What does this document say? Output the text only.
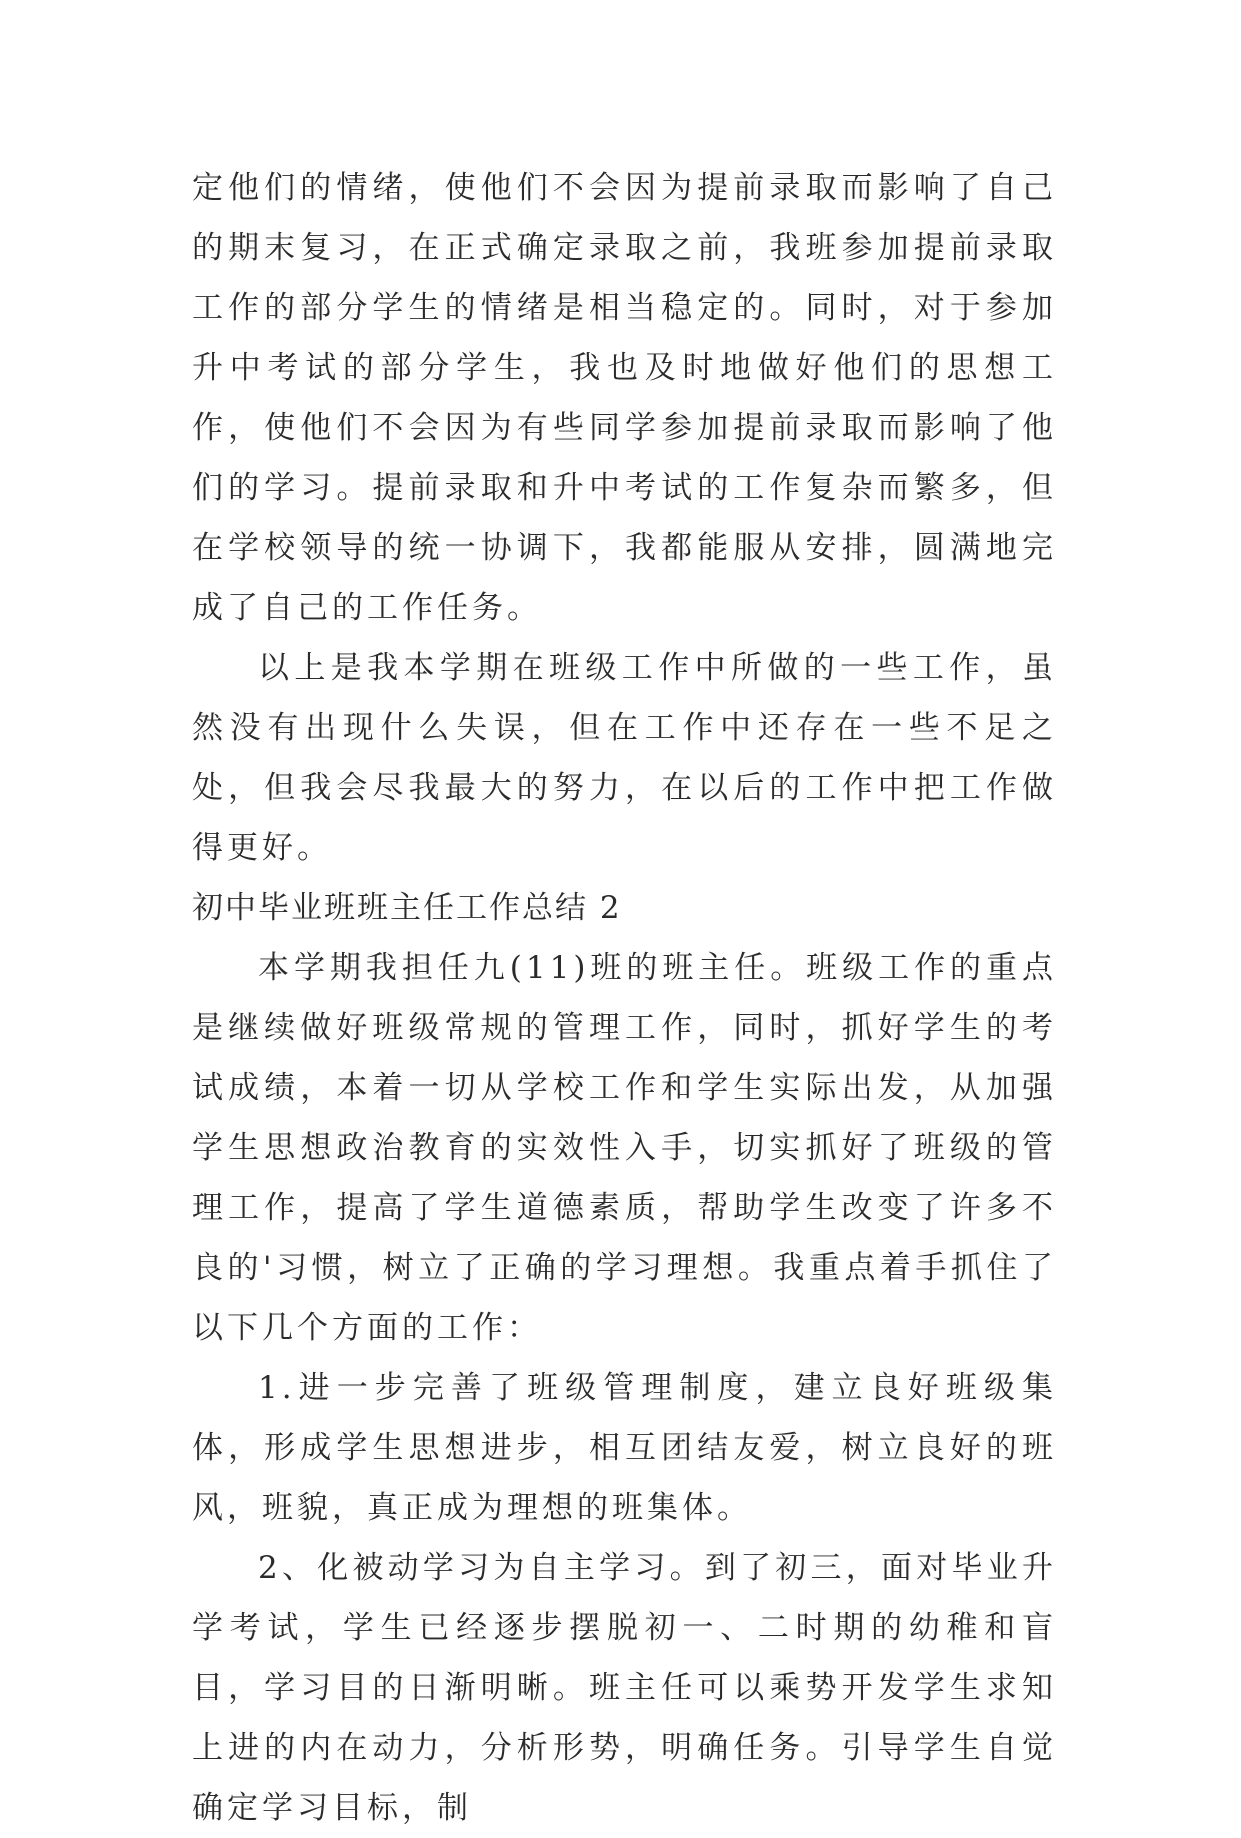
定他们的情绪，使他们不会因为提前录取而影响了自己的期末复习，在正式确定录取之前，我班参加提前录取工作的部分学生的情绪是相当稳定的。同时，对于参加升中考试的部分学生，我也及时地做好他们的思想工作，使他们不会因为有些同学参加提前录取而影响了他们的学习。提前录取和升中考试的工作复杂而繁多，但在学校领导的统一协调下，我都能服从安排，圆满地完成了自己的工作任务。

以上是我本学期在班级工作中所做的一些工作，虽然没有出现什么失误，但在工作中还存在一些不足之处，但我会尽我最大的努力，在以后的工作中把工作做得更好。

初中毕业班班主任工作总结 2

本学期我担任九(11)班的班主任。班级工作的重点是继续做好班级常规的管理工作，同时，抓好学生的考试成绩，本着一切从学校工作和学生实际出发，从加强学生思想政治教育的实效性入手，切实抓好了班级的管理工作，提高了学生道德素质，帮助学生改变了许多不良的'习惯，树立了正确的学习理想。我重点着手抓住了以下几个方面的工作：

1.进一步完善了班级管理制度，建立良好班级集体，形成学生思想进步，相互团结友爱，树立良好的班风，班貌，真正成为理想的班集体。

2、化被动学习为自主学习。到了初三，面对毕业升学考试，学生已经逐步摆脱初一、二时期的幼稚和盲目，学习目的日渐明晰。班主任可以乘势开发学生求知上进的内在动力，分析形势，明确任务。引导学生自觉确定学习目标，制
